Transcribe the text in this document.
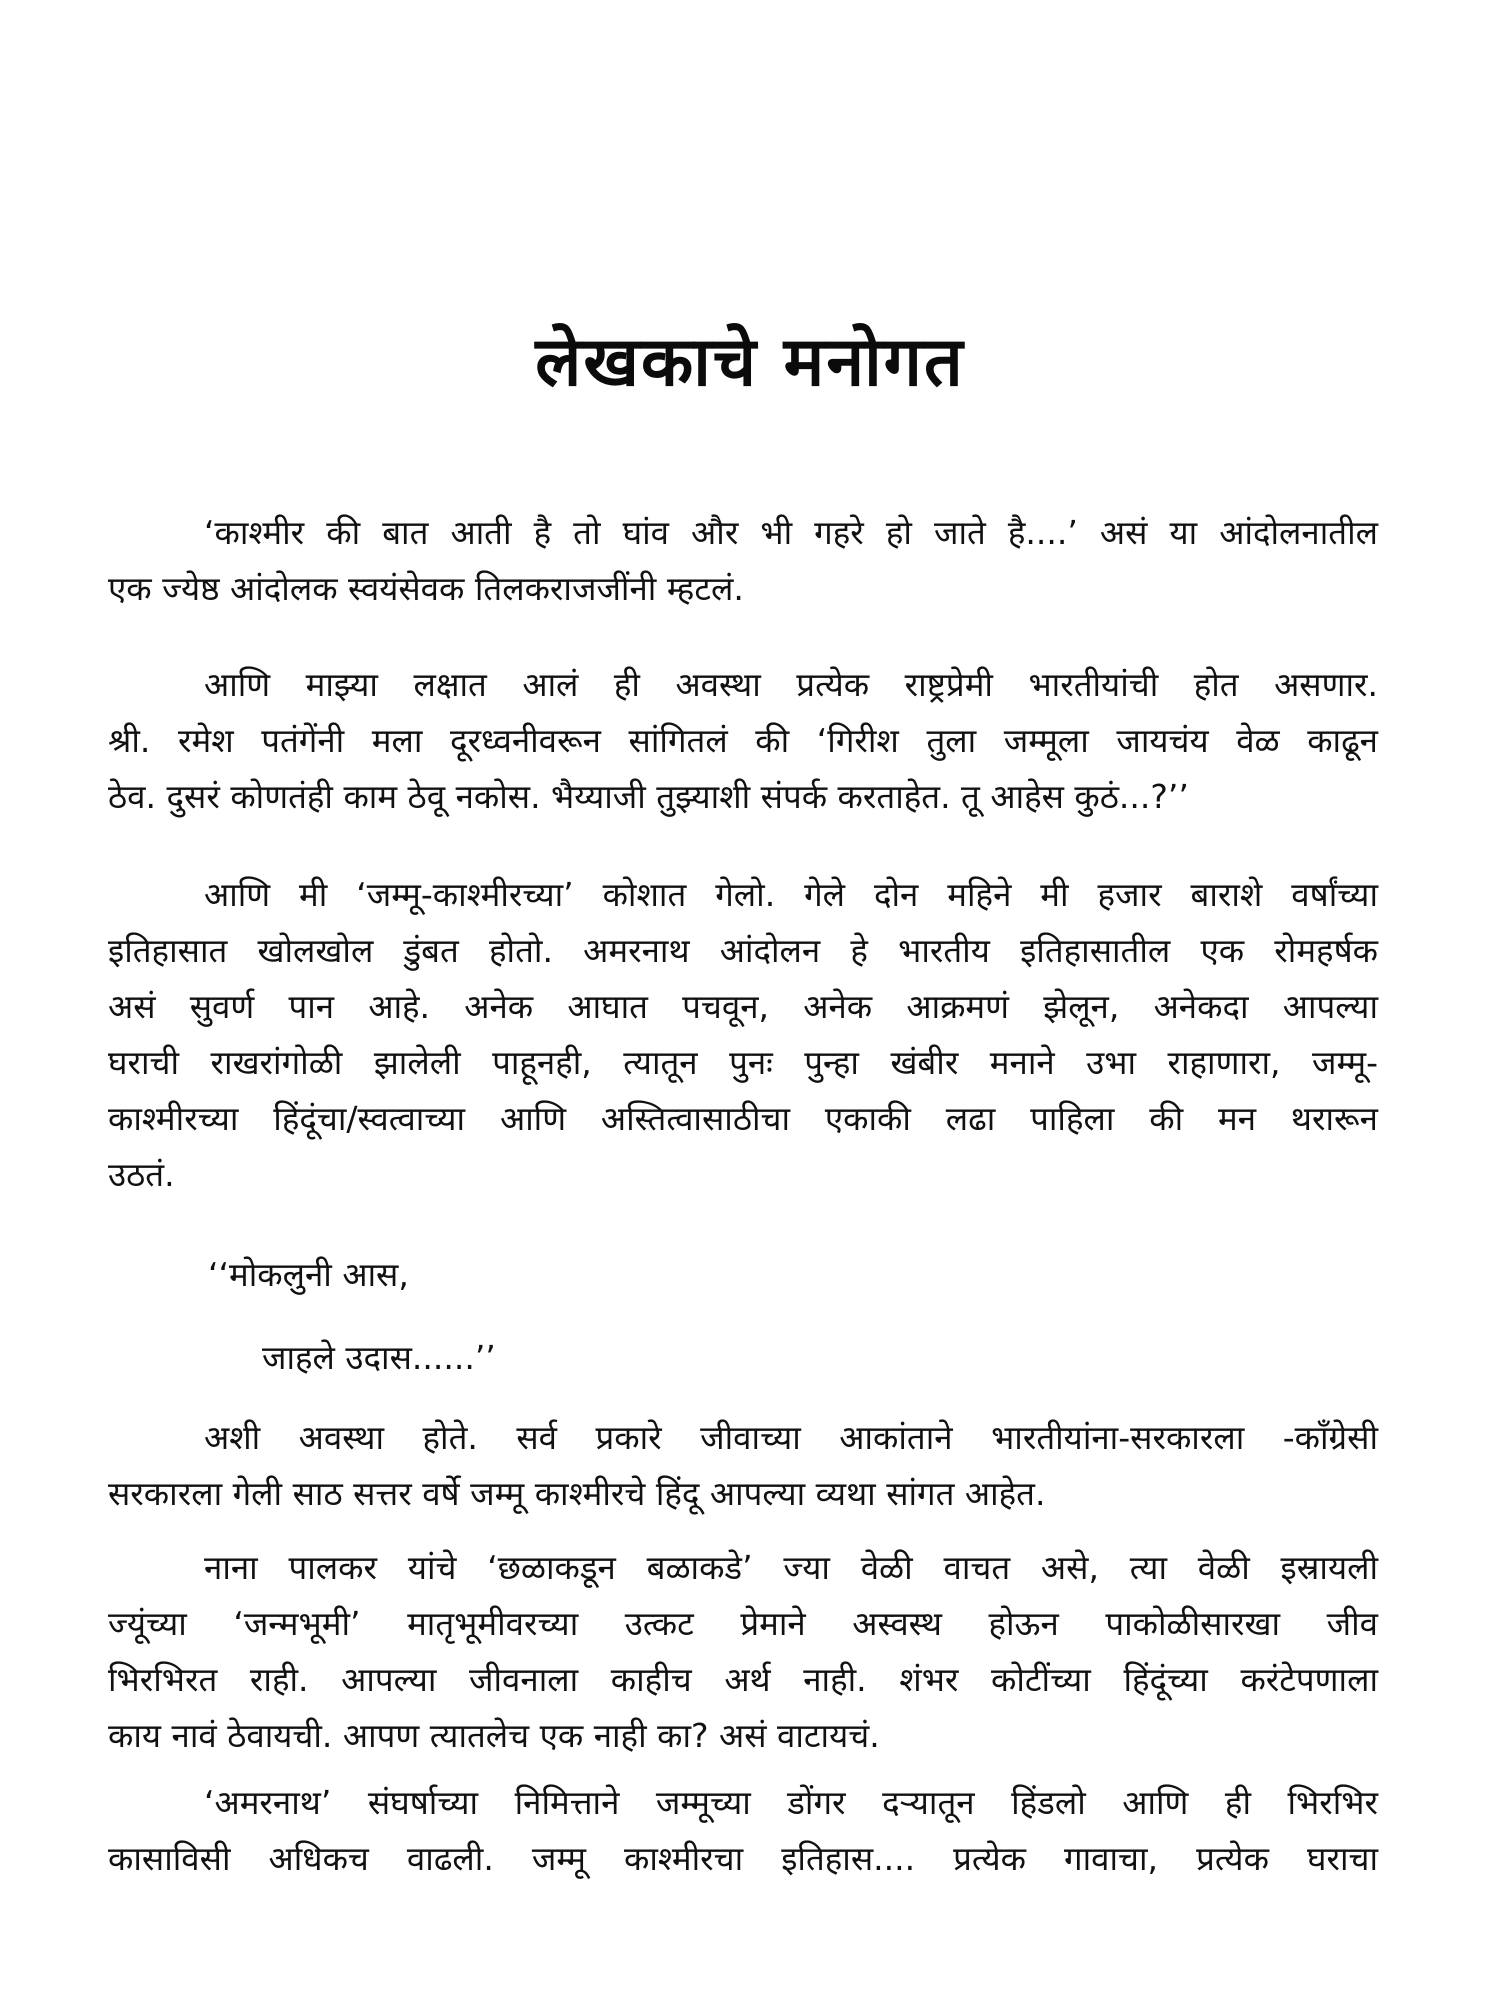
लेखकाचे मनोगत
‘काश्मीर की बात आती है तो घांव और भी गहरे हो जाते है....’ असं या आंदोलनातील
एक ज्येष्ठ आंदोलक स्वयंसेवक तिलकराजजींनी म्हटलं.
आणि माझ्या लक्षात आलं ही अवस्था प्रत्येक राष्ट्रप्रेमी भारतीयांची होत असणार.
श्री. रमेश पतंगेंनी मला दूरध्वनीवरून सांगितलं की ‘गिरीश तुला जम्मूला जायचंय वेळ काढून
ठेव. दुसरं कोणतंही काम ठेवू नकोस. भैय्याजी तुझ्याशी संपर्क करताहेत. तू आहेस कुठं...?’’
आणि मी ‘जम्मू-काश्मीरच्या’ कोशात गेलो. गेले दोन महिने मी हजार बाराशे वर्षांच्या
इतिहासात खोलखोल डुंबत होतो. अमरनाथ आंदोलन हे भारतीय इतिहासातील एक रोमहर्षक
असं सुवर्ण पान आहे. अनेक आघात पचवून, अनेक आक्रमणं झेलून, अनेकदा आपल्या
घराची राखरांगोळी झालेली पाहूनही, त्यातून पुनः पुन्हा खंबीर मनाने उभा राहाणारा, जम्मू-
काश्मीरच्या हिंदूंचा/स्वत्वाच्या आणि अस्तित्वासाठीचा एकाकी लढा पाहिला की मन थरारून
उठतं.
‘‘मोकलुनी आस,
जाहले उदास......’’
अशी अवस्था होते. सर्व प्रकारे जीवाच्या आकांताने भारतीयांना-सरकारला -काँग्रेसी
सरकारला गेली साठ सत्तर वर्षे जम्मू काश्मीरचे हिंदू आपल्या व्यथा सांगत आहेत.
नाना पालकर यांचे ‘छळाकडून बळाकडे’ ज्या वेळी वाचत असे, त्या वेळी इस्रायली
ज्यूंच्या ‘जन्मभूमी’ मातृभूमीवरच्या उत्कट प्रेमाने अस्वस्थ होऊन पाकोळीसारखा जीव
भिरभिरत राही. आपल्या जीवनाला काहीच अर्थ नाही. शंभर कोटींच्या हिंदूंच्या करंटेपणाला
काय नावं ठेवायची. आपण त्यातलेच एक नाही का? असं वाटायचं.
‘अमरनाथ’ संघर्षाच्या निमित्ताने जम्मूच्या डोंगर दऱ्यातून हिंडलो आणि ही भिरभिर
कासाविसी अधिकच वाढली. जम्मू काश्मीरचा इतिहास.... प्रत्येक गावाचा, प्रत्येक घराचा
